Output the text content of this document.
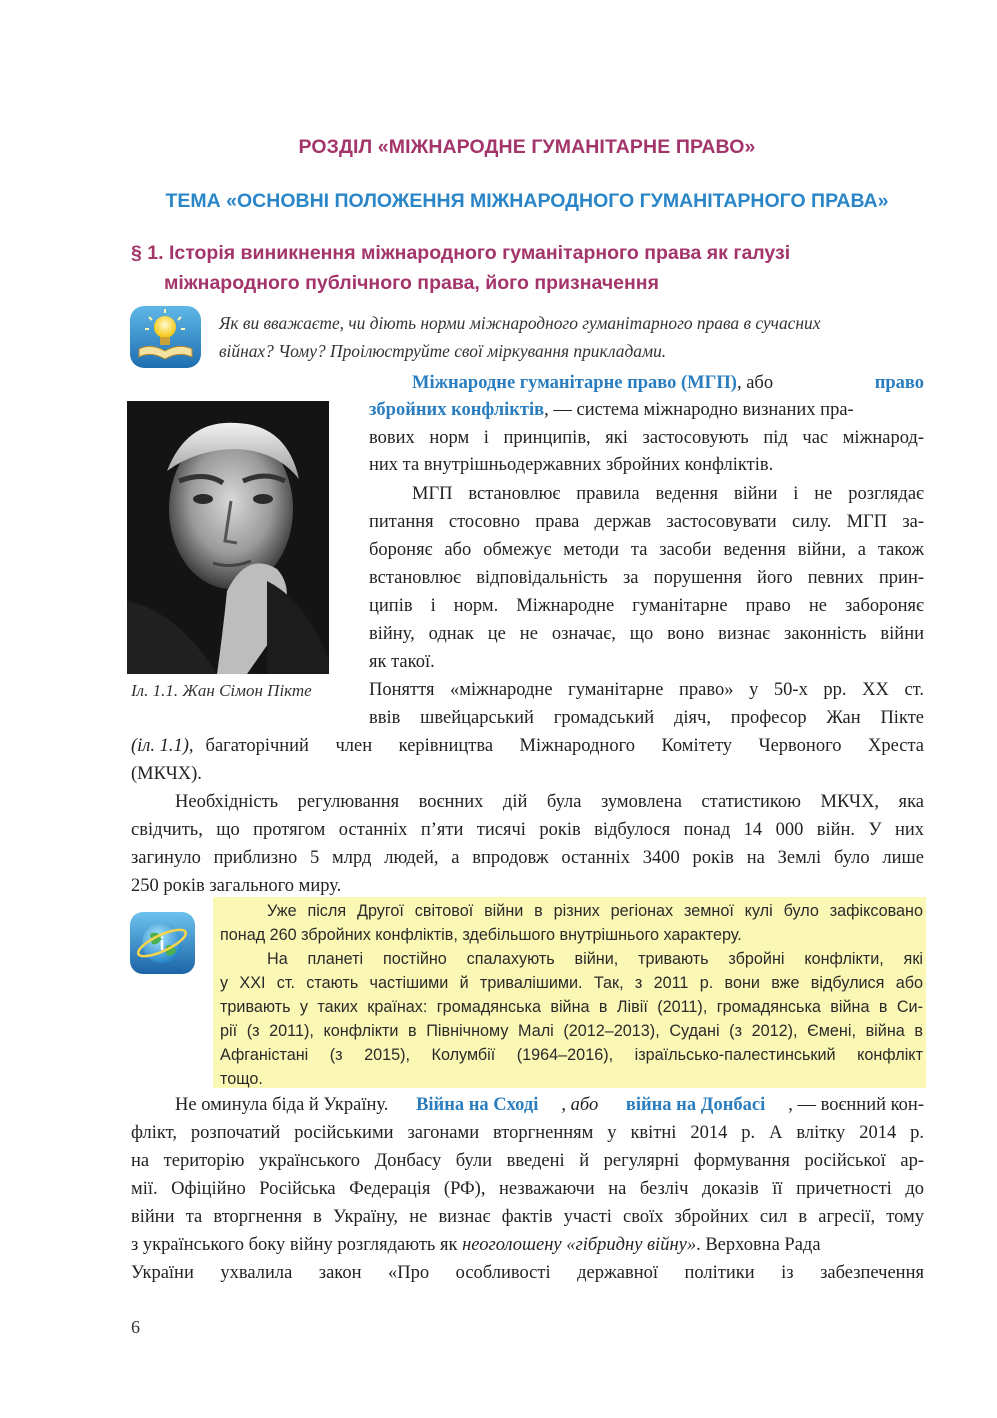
РОЗДІЛ «МІЖНАРОДНЕ ГУМАНІТАРНЕ ПРАВО»
ТЕМА «ОСНОВНІ ПОЛОЖЕННЯ МІЖНАРОДНОГО ГУМАНІТАРНОГО ПРАВА»
§ 1. Історія виникнення міжнародного гуманітарного права як галузі
міжнародного публічного права, його призначення
Як ви вважаєте, чи діють норми міжнародного гуманітарного права в сучасних
війнах? Чому? Проілюструйте свої міркування прикладами.
Іл. 1.1. Жан Сімон Пікте
Міжнародне гуманітарне право (МГП) , або	право
збройних конфліктів, — система міжнародно визнаних пра-
вових норм і принципів, які застосовують під час міжнарод-
них та внутрішньодержавних збройних конфліктів.
МГП встановлює правила ведення війни і не розглядає
питання стосовно права держав застосовувати силу. МГП за-
бороняє або обмежує методи та засоби ведення війни, а також
встановлює відповідальність за порушення його певних прин-
ципів і норм. Міжнародне гуманітарне право не забороняє
війну, однак це не означає, що воно визнає законність війни
як такої.
Поняття «міжнародне гуманітарне право» у 50-х рр. XX ст.
ввів швейцарський громадський діяч, професор Жан Пікте
(іл. 1.1), багаторічний член керівництва Міжнародного Комітету Червоного Хреста
(МКЧХ).
Необхідність регулювання воєнних дій була зумовлена статистикою МКЧХ, яка
свідчить, що протягом останніх п’яти тисячі років відбулося понад 14 000 війн. У них
загинуло приблизно 5 млрд людей, а впродовж останніх 3400 років на Землі було лише
250 років загального миру.
i
Уже після Другої світової війни в різних регіонах земної кулі було зафіксовано
понад 260 збройних конфліктів, здебільшого внутрішнього характеру.
На планеті постійно спалахують війни, тривають збройні конфлікти, які
у XXI ст. стають частішими й тривалішими. Так, з 2011 р. вони вже відбулися або
тривають у таких країнах: громадянська війна в Лівії (2011), громадянська війна в Си-
рії (з 2011), конфлікти в Північному Малі (2012–2013), Судані (з 2012), Ємені, війна в
Афганістані (з 2015), Колумбії (1964–2016), ізраїльсько-палестинський конфлікт
тощо.
Не оминула біда й Україну. Війна на Сході , або війна на Донбасі , — воєнний кон-
флікт, розпочатий російськими загонами вторгненням у квітні 2014 р. А влітку 2014 р.
на територію українського Донбасу були введені й регулярні формування російської ар-
мії. Офіційно Російська Федерація (РФ), незважаючи на безліч доказів її причетності до
війни та вторгнення в Україну, не визнає фактів участі своїх збройних сил в агресії, тому
з українського боку війну розглядають як неоголошену «гібридну війну». Верховна Рада
України ухвалила закон «Про особливості державної політики із забезпечення
6
